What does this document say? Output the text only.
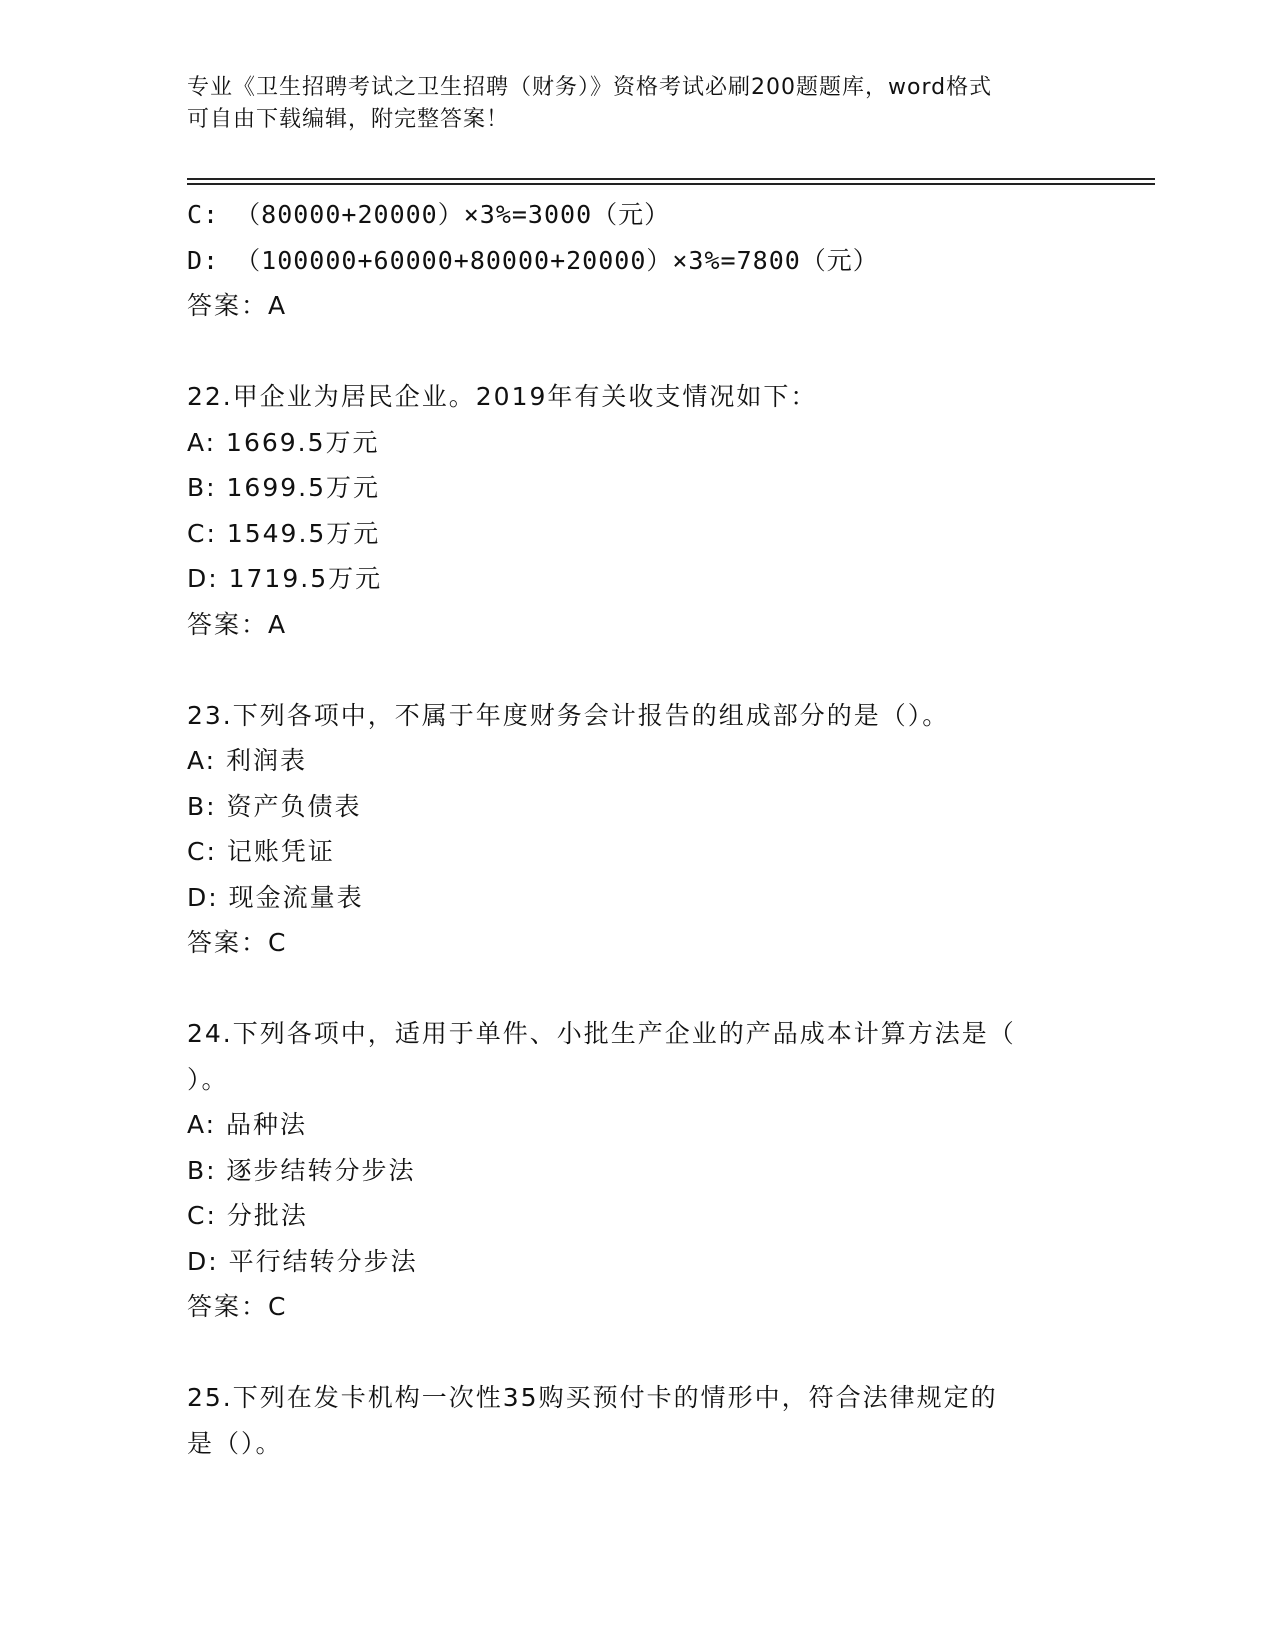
专业《卫生招聘考试之卫生招聘（财务）》资格考试必刷200题题库，word格式
可自由下载编辑，附完整答案！
C: （80000+20000）×3%=3000（元）
D: （100000+60000+80000+20000）×3%=7800（元）
答案：A
22.甲企业为居民企业。2019年有关收支情况如下：
A: 1669.5万元
B: 1699.5万元
C: 1549.5万元
D: 1719.5万元
答案：A
23.下列各项中，不属于年度财务会计报告的组成部分的是（）。
A: 利润表
B: 资产负债表
C: 记账凭证
D: 现金流量表
答案：C
24.下列各项中，适用于单件、小批生产企业的产品成本计算方法是（
）。
A: 品种法
B: 逐步结转分步法
C: 分批法
D: 平行结转分步法
答案：C
25.下列在发卡机构一次性35购买预付卡的情形中，符合法律规定的
是（）。
